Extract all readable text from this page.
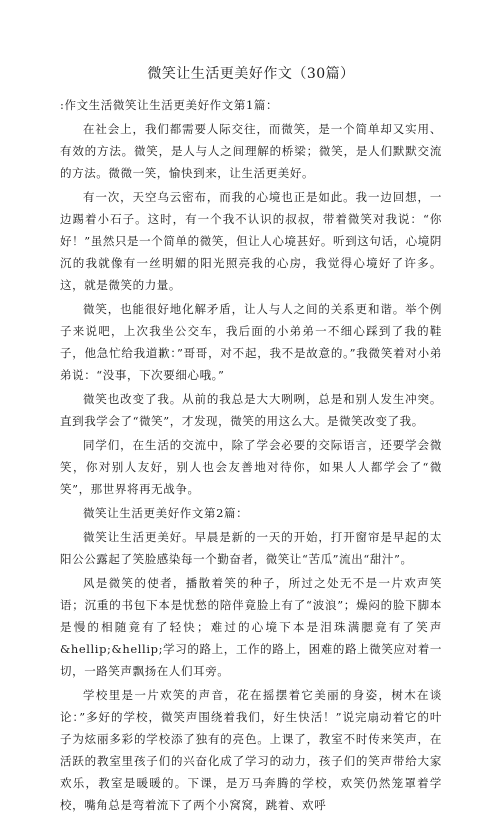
微笑让生活更美好作文（30篇）

:作文生活微笑让生活更美好作文第1篇：

在社会上，我们都需要人际交往，而微笑，是一个简单却又实用、有效的方法。微笑，是人与人之间理解的桥梁；微笑，是人们默默交流的方法。微微一笑，愉快到来，让生活更美好。

有一次，天空乌云密布，而我的心境也正是如此。我一边回想，一边踢着小石子。这时，有一个我不认识的叔叔，带着微笑对我说：“你好！”虽然只是一个简单的微笑，但让人心境甚好。听到这句话，心境阴沉的我就像有一丝明媚的阳光照亮我的心房，我觉得心境好了许多。这，就是微笑的力量。

微笑，也能很好地化解矛盾，让人与人之间的关系更和谐。举个例子来说吧，上次我坐公交车，我后面的小弟弟一不细心踩到了我的鞋子，他急忙给我道歉：”哥哥，对不起，我不是故意的。”我微笑着对小弟弟说：“没事，下次要细心哦。”

微笑也改变了我。从前的我总是大大咧咧，总是和别人发生冲突。直到我学会了“微笑”，才发现，微笑的用这么大。是微笑改变了我。

同学们，在生活的交流中，除了学会必要的交际语言，还要学会微笑，你对别人友好，别人也会友善地对待你，如果人人都学会了“微笑”，那世界将再无战争。

微笑让生活更美好作文第2篇：

微笑让生活更美好。早晨是新的一天的开始，打开窗帘是早起的太阳公公露起了笑脸感染每一个勤奋者，微笑让“苦瓜”流出“甜汁”。

风是微笑的使者，播散着笑的种子，所过之处无不是一片欢声笑语；沉重的书包下本是忧愁的陪伴竟脸上有了“波浪”；燥闷的脸下脚本是慢的相随竟有了轻快；难过的心境下本是泪珠满腮竟有了笑声&hellip;&hellip;学习的路上，工作的路上，困难的路上微笑应对着一切，一路笑声飘扬在人们耳旁。

学校里是一片欢笑的声音，花在摇摆着它美丽的身姿，树木在谈论：”多好的学校，微笑声围绕着我们，好生快活！”说完扇动着它的叶子为炫丽多彩的学校添了独有的亮色。上课了，教室不时传来笑声，在活跃的教室里孩子们的兴奋化成了学习的动力，孩子们的笑声带给大家欢乐，教室是暖暖的。下课，是万马奔腾的学校，欢笑仍然笼罩着学校，嘴角总是弯着流下了两个小窝窝，跳着、欢呼
